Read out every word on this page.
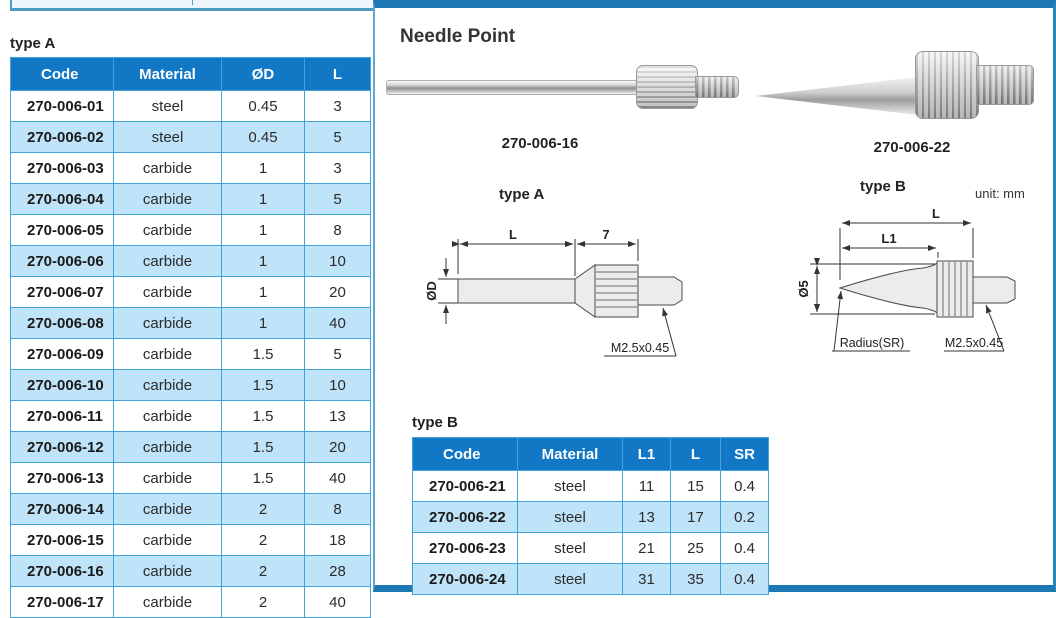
Needle Point
type A
Code	Material	ØD	L
270-006-01	steel	0.45	3
270-006-02	steel	0.45	5
270-006-03	carbide	1	3
270-006-04	carbide	1	5
270-006-05	carbide	1	8
270-006-06	carbide	1	10
270-006-07	carbide	1	20
270-006-08	carbide	1	40
270-006-09	carbide	1.5	5
270-006-10	carbide	1.5	10
270-006-11	carbide	1.5	13
270-006-12	carbide	1.5	20
270-006-13	carbide	1.5	40
270-006-14	carbide	2	8
270-006-15	carbide	2	18
270-006-16	carbide	2	28
270-006-17	carbide	2	40
270-006-16	270-006-22
type A	type B	unit: mm
L	7
ØD
M2.5x0.45
L
L1
Ø5
Radius(SR)	M2.5x0.45
type B
Code	Material	L1	L	SR
270-006-21	steel	11	15	0.4
270-006-22	steel	13	17	0.2
270-006-23	steel	21	25	0.4
270-006-24	steel	31	35	0.4
